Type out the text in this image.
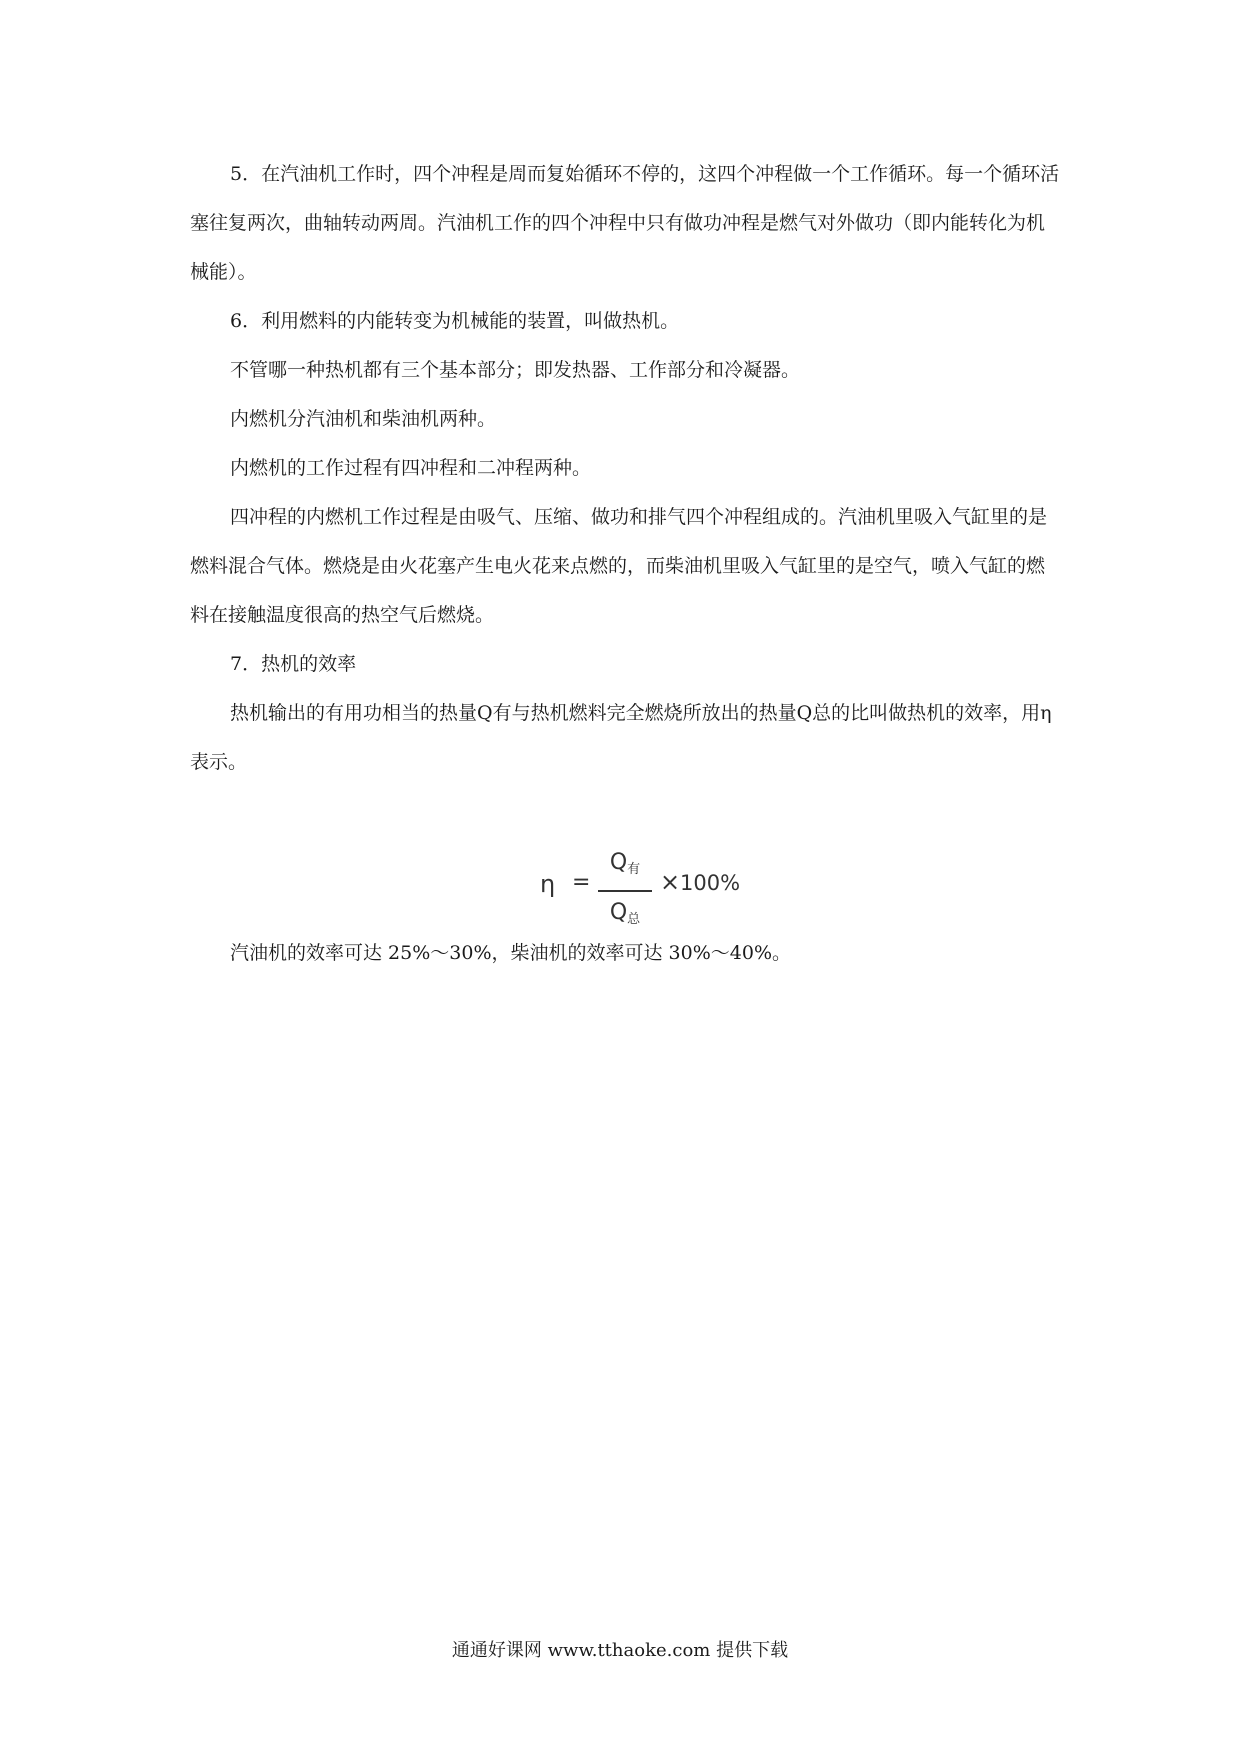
5．在汽油机工作时，四个冲程是周而复始循环不停的，这四个冲程做一个工作循环。每一个循环活塞往复两次，曲轴转动两周。汽油机工作的四个冲程中只有做功冲程是燃气对外做功（即内能转化为机械能）。

6．利用燃料的内能转变为机械能的装置，叫做热机。

不管哪一种热机都有三个基本部分；即发热器、工作部分和冷凝器。

内燃机分汽油机和柴油机两种。

内燃机的工作过程有四冲程和二冲程两种。

四冲程的内燃机工作过程是由吸气、压缩、做功和排气四个冲程组成的。汽油机里吸入气缸里的是燃料混合气体。燃烧是由火花塞产生电火花来点燃的，而柴油机里吸入气缸里的是空气，喷入气缸的燃料在接触温度很高的热空气后燃烧。

7．热机的效率

热机输出的有用功相当的热量Q有与热机燃料完全燃烧所放出的热量Q总的比叫做热机的效率，用η表示。

η =
$Q_有$
$Q_总$
× 100%
汽油机的效率可达 25%～30%，柴油机的效率可达 30%～40%。
通通好课网 www.tthaoke.com 提供下载
